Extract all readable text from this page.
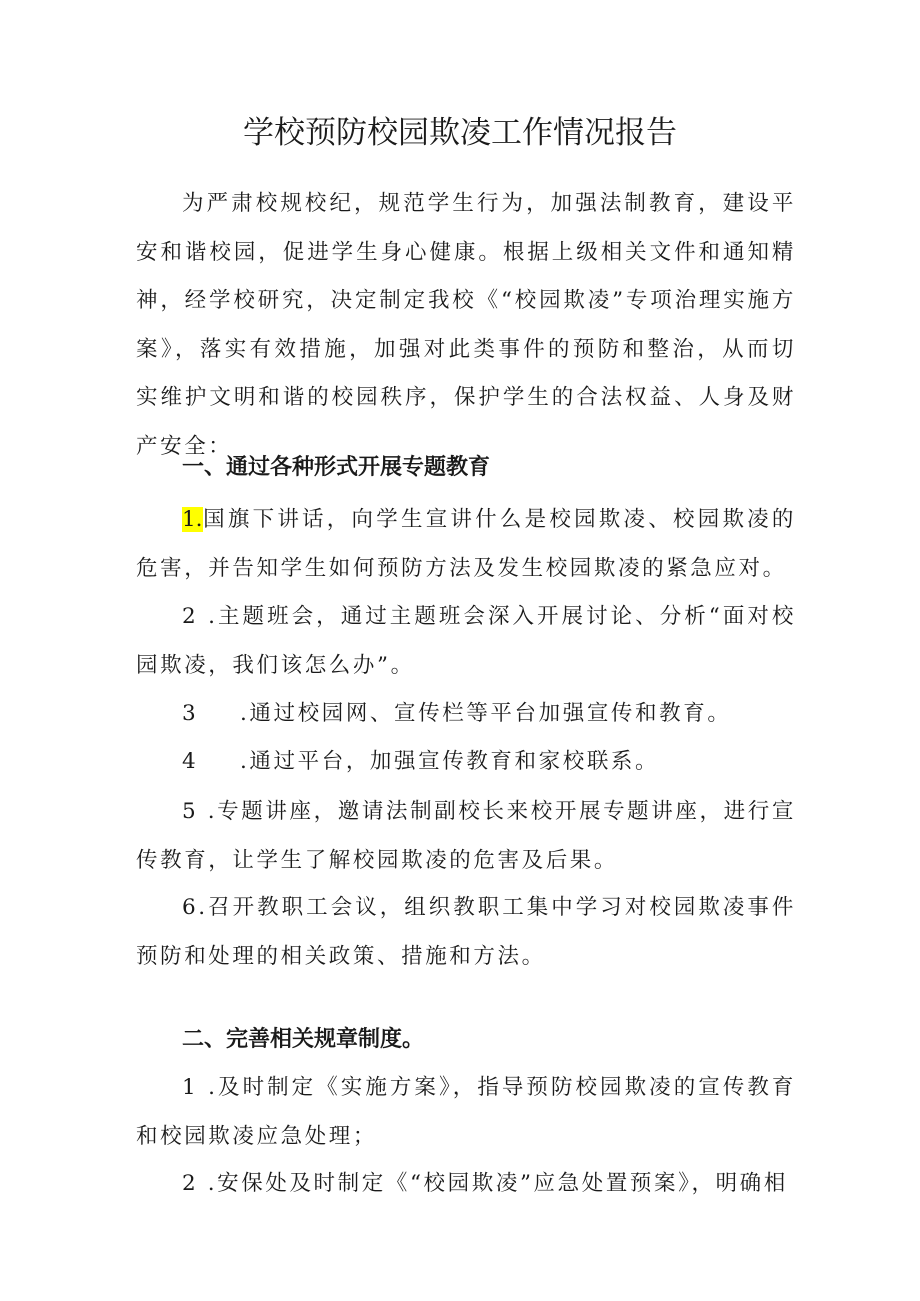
学校预防校园欺凌工作情况报告

为严肃校规校纪，规范学生行为，加强法制教育，建设平安和谐校园，促进学生身心健康。根据上级相关文件和通知精神，经学校研究，决定制定我校《“校园欺凌”专项治理实施方案》，落实有效措施，加强对此类事件的预防和整治，从而切实维护文明和谐的校园秩序，保护学生的合法权益、人身及财产安全：

一、通过各种形式开展专题教育

1.国旗下讲话，向学生宣讲什么是校园欺凌、校园欺凌的危害，并告知学生如何预防方法及发生校园欺凌的紧急应对。

2 .主题班会，通过主题班会深入开展讨论、分析“面对校园欺凌，我们该怎么办”。

3 .通过校园网、宣传栏等平台加强宣传和教育。

4 .通过平台，加强宣传教育和家校联系。

5 .专题讲座，邀请法制副校长来校开展专题讲座，进行宣传教育，让学生了解校园欺凌的危害及后果。

6.召开教职工会议，组织教职工集中学习对校园欺凌事件预防和处理的相关政策、措施和方法。

二、完善相关规章制度。

1 .及时制定《实施方案》，指导预防校园欺凌的宣传教育和校园欺凌应急处理；

2 .安保处及时制定《“校园欺凌”应急处置预案》，明确相
